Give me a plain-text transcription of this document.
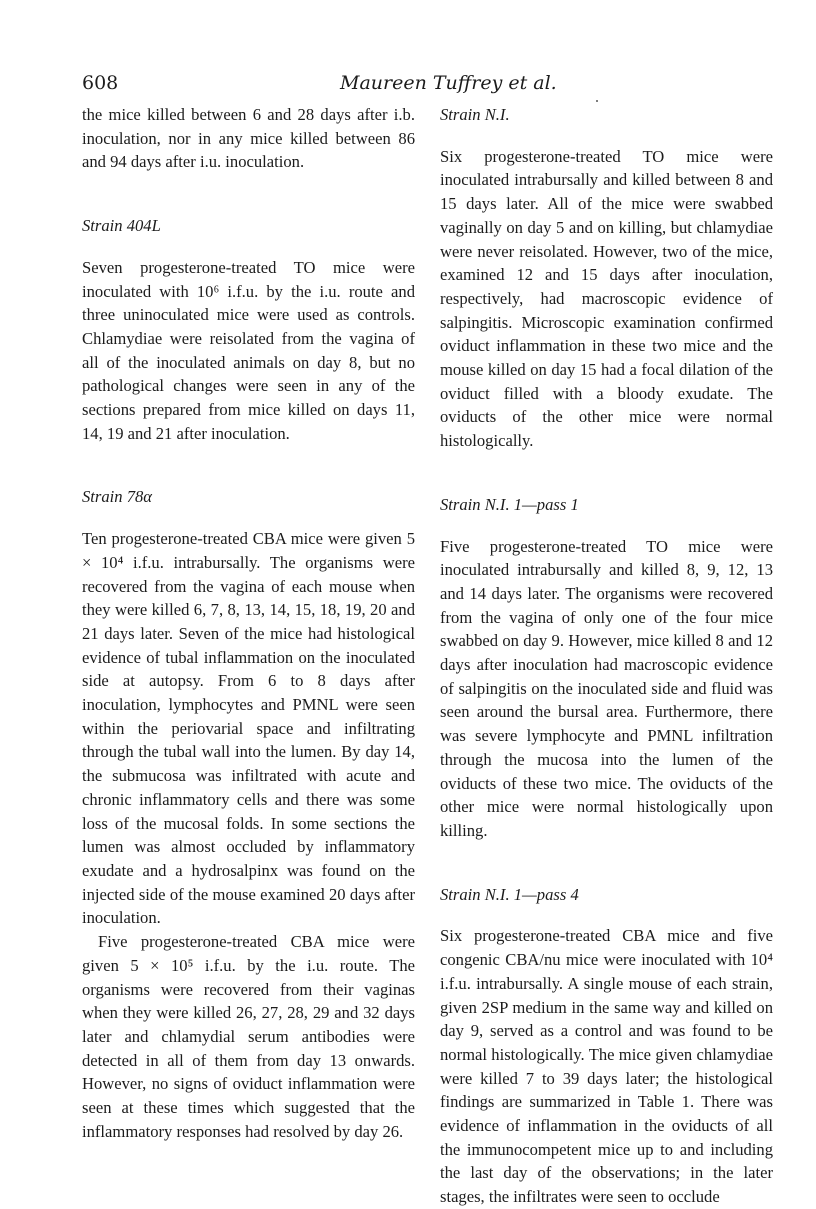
608	Maureen Tuffrey et al.

the mice killed between 6 and 28 days after i.b. inoculation, nor in any mice killed between 86 and 94 days after i.u. inoculation.

Strain 404L

Seven progesterone-treated TO mice were inoculated with 10⁶ i.f.u. by the i.u. route and three uninoculated mice were used as controls. Chlamydiae were reisolated from the vagina of all of the inoculated animals on day 8, but no pathological changes were seen in any of the sections prepared from mice killed on days 11, 14, 19 and 21 after inoculation.

Strain 78α

Ten progesterone-treated CBA mice were given 5 × 10⁴ i.f.u. intrabursally. The organisms were recovered from the vagina of each mouse when they were killed 6, 7, 8, 13, 14, 15, 18, 19, 20 and 21 days later. Seven of the mice had histological evidence of tubal inflammation on the inoculated side at autopsy. From 6 to 8 days after inoculation, lymphocytes and PMNL were seen within the periovarial space and infiltrating through the tubal wall into the lumen. By day 14, the submucosa was infiltrated with acute and chronic inflammatory cells and there was some loss of the mucosal folds. In some sections the lumen was almost occluded by inflammatory exudate and a hydrosalpinx was found on the injected side of the mouse examined 20 days after inoculation.

Five progesterone-treated CBA mice were given 5 × 10⁵ i.f.u. by the i.u. route. The organisms were recovered from their vaginas when they were killed 26, 27, 28, 29 and 32 days later and chlamydial serum antibodies were detected in all of them from day 13 onwards. However, no signs of oviduct inflammation were seen at these times which suggested that the inflammatory responses had resolved by day 26.

Strain N.I.

Six progesterone-treated TO mice were inoculated intrabursally and killed between 8 and 15 days later. All of the mice were swabbed vaginally on day 5 and on killing, but chlamydiae were never reisolated. However, two of the mice, examined 12 and 15 days after inoculation, respectively, had macroscopic evidence of salpingitis. Microscopic examination confirmed oviduct inflammation in these two mice and the mouse killed on day 15 had a focal dilation of the oviduct filled with a bloody exudate. The oviducts of the other mice were normal histologically.

Strain N.I. 1—pass 1

Five progesterone-treated TO mice were inoculated intrabursally and killed 8, 9, 12, 13 and 14 days later. The organisms were recovered from the vagina of only one of the four mice swabbed on day 9. However, mice killed 8 and 12 days after inoculation had macroscopic evidence of salpingitis on the inoculated side and fluid was seen around the bursal area. Furthermore, there was severe lymphocyte and PMNL infiltration through the mucosa into the lumen of the oviducts of these two mice. The oviducts of the other mice were normal histologically upon killing.

Strain N.I. 1—pass 4

Six progesterone-treated CBA mice and five congenic CBA/nu mice were inoculated with 10⁴ i.f.u. intrabursally. A single mouse of each strain, given 2SP medium in the same way and killed on day 9, served as a control and was found to be normal histologically. The mice given chlamydiae were killed 7 to 39 days later; the histological findings are summarized in Table 1. There was evidence of inflammation in the oviducts of all the immunocompetent mice up to and including the last day of the observations; in the later stages, the infiltrates were seen to occlude
